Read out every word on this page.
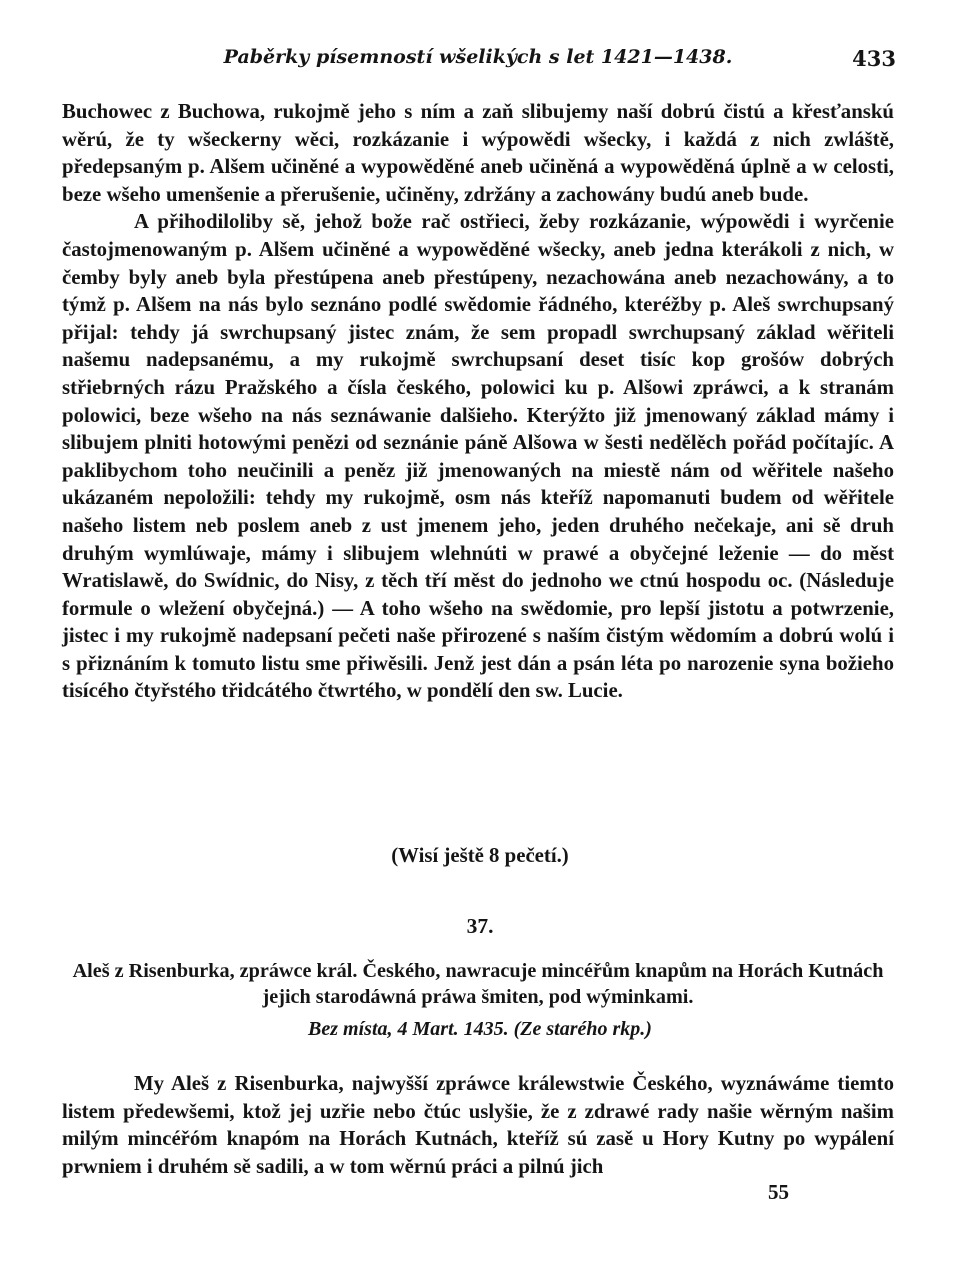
Paběrky písemností wšelikých s let 1421—1438.	433

Buchowec z Buchowa, rukojmě jeho s ním a zaň slibujemy naší dobrú čistú a křesťanskú wěrú, že ty wšeckerny wěci, rozkázanie i wýpowědi wšecky, i každá z nich zwláště, předepsaným p. Alšem učiněné a wypowěděné aneb učiněná a wypowěděná úplně a w celosti, beze wšeho umenšenie a přerušenie, učiněny, zdržány a zachowány budú aneb bude.

A přihodiloliby sě, jehož bože rač ostřieci, žeby rozkázanie, wýpowědi i wyrčenie častojmenowaným p. Alšem učiněné a wypowěděné wšecky, aneb jedna kterákoli z nich, w čemby byly aneb byla přestúpena aneb přestúpeny, nezachowána aneb nezachowány, a to týmž p. Alšem na nás bylo seznáno podlé swědomie řádného, kteréžby p. Aleš swrchupsaný přijal: tehdy já swrchupsaný jistec znám, že sem propadl swrchupsaný základ wěřiteli našemu nadepsanému, a my rukojmě swrchupsaní deset tisíc kop grošów dobrých střiebrných rázu Pražského a čísla českého, polowici ku p. Alšowi zpráwci, a k stranám polowici, beze wšeho na nás seznáwanie dalšieho. Kterýžto již jmenowaný základ mámy i slibujem plniti hotowými penězi od seznánie páně Alšowa w šesti nedělěch pořád počítajíc. A paklibychom toho neučinili a peněz již jmenowaných na miestě nám od wěřitele našeho ukázaném nepoložili: tehdy my rukojmě, osm nás kteříž napomanuti budem od wěřitele našeho listem neb poslem aneb z ust jmenem jeho, jeden druhého nečekaje, ani sě druh druhým wymlúwaje, mámy i slibujem wlehnúti w prawé a obyčejné leženie — do měst Wratislawě, do Swídnic, do Nisy, z těch tří měst do jednoho we ctnú hospodu oc. (Následuje formule o wležení obyčejná.) — A toho wšeho na swědomie, pro lepší jistotu a potwrzenie, jistec i my rukojmě nadepsaní pečeti naše přirozené s naším čistým wědomím a dobrú wolú i s přiznáním k tomuto listu sme přiwěsili. Jenž jest dán a psán léta po narozenie syna božieho tisícého čtyřstého třidcátého čtwrtého, w pondělí den sw. Lucie.

(Wisí ještě 8 pečetí.)
37.
Aleš z Risenburka, zpráwce král. Českého, nawracuje mincéřům knapům na Horách Kutnách jejich starodáwná práwa šmiten, pod wýminkami.
Bez místa, 4 Mart. 1435. (Ze starého rkp.)

My Aleš z Risenburka, najwyšší zpráwce králewstwie Českého, wyznáwáme tiemto listem předewšemi, ktož jej uzřie nebo čtúc uslyšie, že z zdrawé rady našie wěrným našim milým mincéřóm knapóm na Horách Kutnách, kteříž sú zasě u Hory Kutny po wypálení prwniem i druhém sě sadili, a w tom wěrnú práci a pilnú jich

55
